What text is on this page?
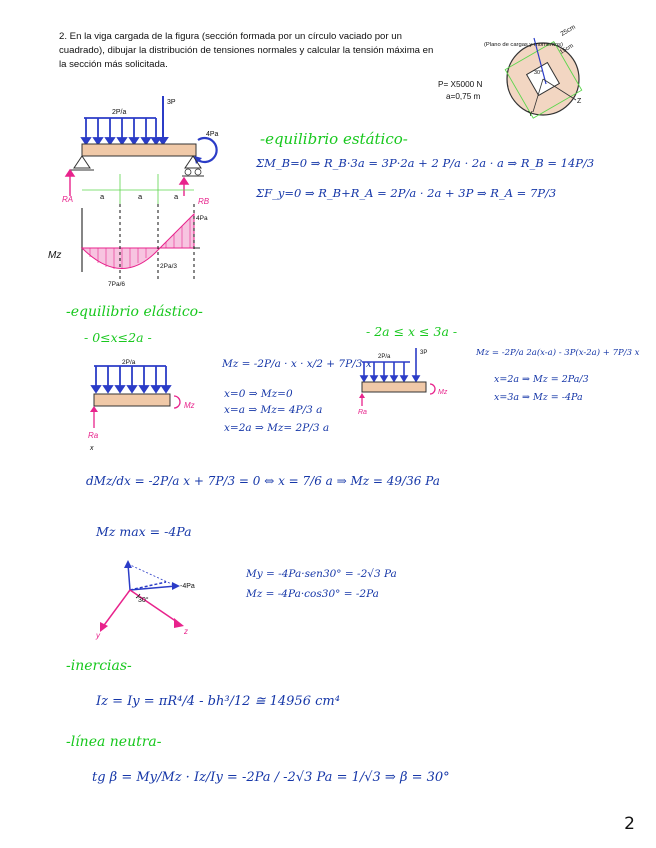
2. En la viga cargada de la figura (sección formada por un círculo vaciado por un cuadrado), dibujar la distribución de tensiones normales y calcular la tensión máxima en la sección más solicitada.

Z
Y
25cm
15cm
30°
(Plano de cargas y momentos)
P= X5000 N
a=0,75 m
2P/a
3P
4Pa
RA	RB
a	a	a
Mz
4Pa
7Pa/6
2Pa/3
-equilibrio estático-
ΣM_B=0 ⇒ R_B·3a = 3P·2a + 2 P/a · 2a · a ⇒ R_B = 14P/3
ΣF_y=0 ⇒ R_B+R_A = 2P/a · 2a + 3P ⇒ R_A = 7P/3
-equilibrio elástico-
- 0≤x≤2a -	- 2a ≤ x ≤ 3a -
2P/a
Ra
Mz
x
Mz = -2P/a · x · x/2 + 7P/3 x
x=0 ⇒ Mz=0
x=a ⇒ Mz= 4P/3 a
x=2a ⇒ Mz= 2P/3 a
2P/a
3P
Ra
Mz
Mz = -2P/a 2a(x-a) - 3P(x-2a) + 7P/3 x
x=2a ⇒ Mz = 2Pa/3
x=3a ⇒ Mz = -4Pa
dMz/dx = -2P/a x + 7P/3 = 0 ⇔ x = 7/6 a ⇒ Mz = 49/36 Pa
Mz max = -4Pa
-4Pa
30°
y	z
My = -4Pa·sen30° = -2√3 Pa
Mz = -4Pa·cos30° = -2Pa
-inercias-
Iz = Iy = πR⁴/4 - bh³/12 ≅ 14956 cm⁴
-línea neutra-
tg β = My/Mz · Iz/Iy = -2Pa / -2√3 Pa = 1/√3 ⇒ β = 30°
2
